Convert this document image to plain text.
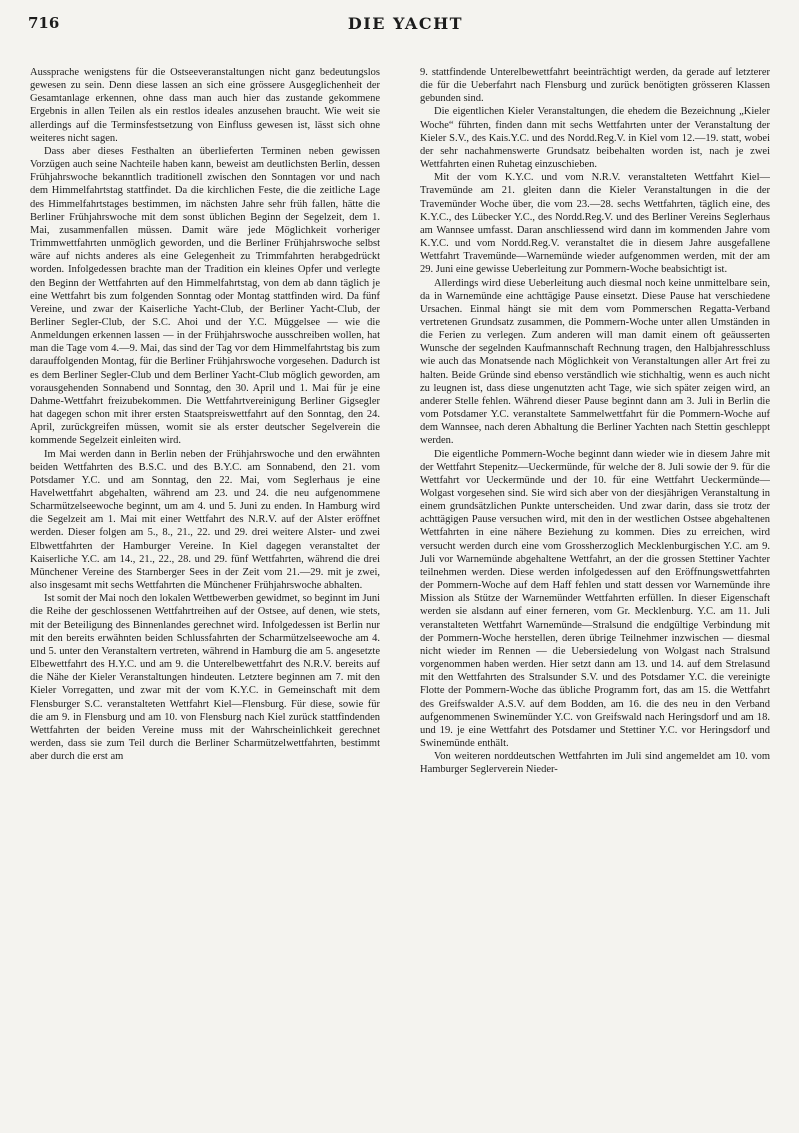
716	DIE YACHT

Aussprache wenigstens für die Ostseeveranstaltungen nicht ganz bedeutungslos gewesen zu sein. Denn diese lassen an sich eine grössere Ausgeglichenheit der Gesamtanlage erkennen, ohne dass man auch hier das zustande gekommene Ergebnis in allen Teilen als ein restlos ideales anzusehen braucht. Wie weit sie allerdings auf die Terminsfestsetzung von Einfluss gewesen ist, lässt sich ohne weiteres nicht sagen.

Dass aber dieses Festhalten an überlieferten Terminen neben gewissen Vorzügen auch seine Nachteile haben kann, beweist am deutlichsten Berlin, dessen Frühjahrswoche bekanntlich traditionell zwischen den Sonntagen vor und nach dem Himmelfahrtstag stattfindet. Da die kirchlichen Feste, die die zeitliche Lage des Himmelfahrtstages bestimmen, im nächsten Jahre sehr früh fallen, hätte die Berliner Frühjahrswoche mit dem sonst üblichen Beginn der Segelzeit, dem 1. Mai, zusammenfallen müssen. Damit wäre jede Möglichkeit vorheriger Trimmwettfahrten unmöglich geworden, und die Berliner Frühjahrswoche selbst wäre auf nichts anderes als eine Gelegenheit zu Trimmfahrten herabgedrückt worden. Infolgedessen brachte man der Tradition ein kleines Opfer und verlegte den Beginn der Wettfahrten auf den Himmelfahrtstag, von dem ab dann täglich je eine Wettfahrt bis zum folgenden Sonntag oder Montag stattfinden wird. Da fünf Vereine, und zwar der Kaiserliche Yacht-Club, der Berliner Yacht-Club, der Berliner Segler-Club, der S.C. Ahoi und der Y.C. Müggelsee — wie die Anmeldungen erkennen lassen — in der Frühjahrswoche ausschreiben wollen, hat man die Tage vom 4.—9. Mai, das sind der Tag vor dem Himmelfahrtstag bis zum darauffolgenden Montag, für die Berliner Frühjahrswoche vorgesehen. Dadurch ist es dem Berliner Segler-Club und dem Berliner Yacht-Club möglich geworden, am vorausgehenden Sonnabend und Sonntag, den 30. April und 1. Mai für je eine Dahme-Wettfahrt freizubekommen. Die Wettfahrtvereinigung Berliner Gigsegler hat dagegen schon mit ihrer ersten Staatspreiswettfahrt auf den Sonntag, den 24. April, zurückgreifen müssen, womit sie als erster deutscher Segelverein die kommende Segelzeit einleiten wird.

Im Mai werden dann in Berlin neben der Frühjahrswoche und den erwähnten beiden Wettfahrten des B.S.C. und des B.Y.C. am Sonnabend, den 21. vom Potsdamer Y.C. und am Sonntag, den 22. Mai, vom Seglerhaus je eine Havelwettfahrt abgehalten, während am 23. und 24. die neu aufgenommene Scharmützelseewoche beginnt, um am 4. und 5. Juni zu enden. In Hamburg wird die Segelzeit am 1. Mai mit einer Wettfahrt des N.R.V. auf der Alster eröffnet werden. Dieser folgen am 5., 8., 21., 22. und 29. drei weitere Alster- und zwei Elbwettfahrten der Hamburger Vereine. In Kiel dagegen veranstaltet der Kaiserliche Y.C. am 14., 21., 22., 28. und 29. fünf Wettfahrten, während die drei Münchener Vereine des Starnberger Sees in der Zeit vom 21.—29. mit je zwei, also insgesamt mit sechs Wettfahrten die Münchener Frühjahrswoche abhalten.

Ist somit der Mai noch den lokalen Wettbewerben gewidmet, so beginnt im Juni die Reihe der geschlossenen Wettfahrtreihen auf der Ostsee, auf denen, wie stets, mit der Beteiligung des Binnenlandes gerechnet wird. Infolgedessen ist Berlin nur mit den bereits erwähnten beiden Schlussfahrten der Scharmützelseewoche am 4. und 5. unter den Veranstaltern vertreten, während in Hamburg die am 5. angesetzte Elbewettfahrt des H.Y.C. und am 9. die Unterelbewettfahrt des N.R.V. bereits auf die Nähe der Kieler Veranstaltungen hindeuten. Letztere beginnen am 7. mit den Kieler Vorregatten, und zwar mit der vom K.Y.C. in Gemeinschaft mit dem Flensburger S.C. veranstalteten Wettfahrt Kiel—Flensburg. Für diese, sowie für die am 9. in Flensburg und am 10. von Flensburg nach Kiel zurück stattfindenden Wettfahrten der beiden Vereine muss mit der Wahrscheinlichkeit gerechnet werden, dass sie zum Teil durch die Berliner Scharmützelwettfahrten, bestimmt aber durch die erst am

9. stattfindende Unterelbewettfahrt beeinträchtigt werden, da gerade auf letzterer die für die Ueberfahrt nach Flensburg und zurück benötigten grösseren Klassen gebunden sind.

Die eigentlichen Kieler Veranstaltungen, die ehedem die Bezeichnung „Kieler Woche“ führten, finden dann mit sechs Wettfahrten unter der Veranstaltung der Kieler S.V., des Kais.Y.C. und des Nordd.Reg.V. in Kiel vom 12.—19. statt, wobei der sehr nachahmenswerte Grundsatz beibehalten worden ist, nach je zwei Wettfahrten einen Ruhetag einzuschieben.

Mit der vom K.Y.C. und vom N.R.V. veranstalteten Wettfahrt Kiel—Travemünde am 21. gleiten dann die Kieler Veranstaltungen in die der Travemünder Woche über, die vom 23.—28. sechs Wettfahrten, täglich eine, des K.Y.C., des Lübecker Y.C., des Nordd.Reg.V. und des Berliner Vereins Seglerhaus am Wannsee umfasst. Daran anschliessend wird dann im kommenden Jahre vom K.Y.C. und vom Nordd.Reg.V. veranstaltet die in diesem Jahre ausgefallene Wettfahrt Travemünde—Warnemünde wieder aufgenommen werden, mit der am 29. Juni eine gewisse Ueberleitung zur Pommern-Woche beabsichtigt ist.

Allerdings wird diese Ueberleitung auch diesmal noch keine unmittelbare sein, da in Warnemünde eine achttägige Pause einsetzt. Diese Pause hat verschiedene Ursachen. Einmal hängt sie mit dem vom Pommerschen Regatta-Verband vertretenen Grundsatz zusammen, die Pommern-Woche unter allen Umständen in die Ferien zu verlegen. Zum anderen will man damit einem oft geäusserten Wunsche der segelnden Kaufmannschaft Rechnung tragen, den Halbjahresschluss wie auch das Monatsende nach Möglichkeit von Veranstaltungen aller Art frei zu halten. Beide Gründe sind ebenso verständlich wie stichhaltig, wenn es auch nicht zu leugnen ist, dass diese ungenutzten acht Tage, wie sich später zeigen wird, an anderer Stelle fehlen. Während dieser Pause beginnt dann am 3. Juli in Berlin die vom Potsdamer Y.C. veranstaltete Sammelwettfahrt für die Pommern-Woche auf dem Wannsee, nach deren Abhaltung die Berliner Yachten nach Stettin geschleppt werden.

Die eigentliche Pommern-Woche beginnt dann wieder wie in diesem Jahre mit der Wettfahrt Stepenitz—Ueckermünde, für welche der 8. Juli sowie der 9. für die Wettfahrt vor Ueckermünde und der 10. für eine Wettfahrt Ueckermünde—Wolgast vorgesehen sind. Sie wird sich aber von der diesjährigen Veranstaltung in einem grundsätzlichen Punkte unterscheiden. Und zwar darin, dass sie trotz der achttägigen Pause versuchen wird, mit den in der westlichen Ostsee abgehaltenen Wettfahrten in eine nähere Beziehung zu kommen. Dies zu erreichen, wird versucht werden durch eine vom Grossherzoglich Mecklenburgischen Y.C. am 9. Juli vor Warnemünde abgehaltene Wettfahrt, an der die grossen Stettiner Yachter teilnehmen werden. Diese werden infolgedessen auf den Eröffnungswettfahrten der Pommern-Woche auf dem Haff fehlen und statt dessen vor Warnemünde ihre Mission als Stütze der Warnemünder Wettfahrten erfüllen. In dieser Eigenschaft werden sie alsdann auf einer ferneren, vom Gr. Mecklenburg. Y.C. am 11. Juli veranstalteten Wettfahrt Warnemünde—Stralsund die endgültige Verbindung mit der Pommern-Woche herstellen, deren übrige Teilnehmer inzwischen — diesmal nicht wieder im Rennen — die Uebersiedelung von Wolgast nach Stralsund vorgenommen haben werden. Hier setzt dann am 13. und 14. auf dem Strelasund mit den Wettfahrten des Stralsunder S.V. und des Potsdamer Y.C. die vereinigte Flotte der Pommern-Woche das übliche Programm fort, das am 15. die Wettfahrt des Greifswalder A.S.V. auf dem Bodden, am 16. die des neu in den Verband aufgenommenen Swinemünder Y.C. von Greifswald nach Heringsdorf und am 18. und 19. je eine Wettfahrt des Potsdamer und Stettiner Y.C. vor Heringsdorf und Swinemünde enthält.

Von weiteren norddeutschen Wettfahrten im Juli sind angemeldet am 10. vom Hamburger Seglerverein Nieder-
